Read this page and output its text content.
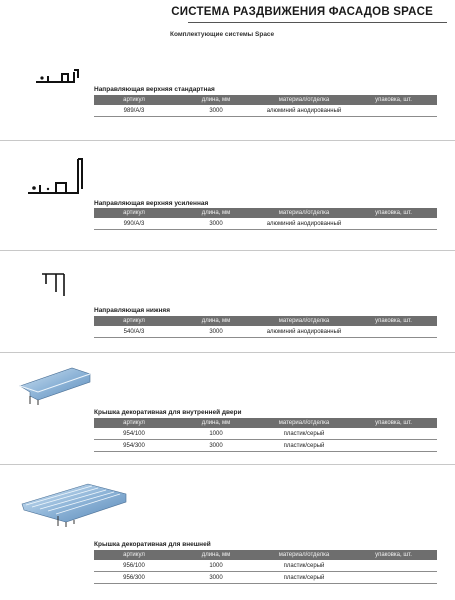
СИСТЕМА РАЗДВИЖЕНИЯ ФАСАДОВ SPACE
Комплектующие системы Space
Направляющая верхняя стандартная
артикул	длина, мм	материал/отделка	упаковка, шт.
989/А/3	3000	алюминий анодированный	
Направляющая верхняя усиленная
артикул	длина, мм	материал/отделка	упаковка, шт.
990/А/3	3000	алюминий анодированный	
Направляющая нижняя
артикул	длина, мм	материал/отделка	упаковка, шт.
540/А/3	3000	алюминий анодированный	
Крышка декоративная для внутренней двери
артикул	длина, мм	материал/отделка	упаковка, шт.
954/100	1000	пластик/серый	
954/300	3000	пластик/серый	
Крышка декоративная для внешней
артикул	длина, мм	материал/отделка	упаковка, шт.
956/100	1000	пластик/серый	
956/300	3000	пластик/серый	
